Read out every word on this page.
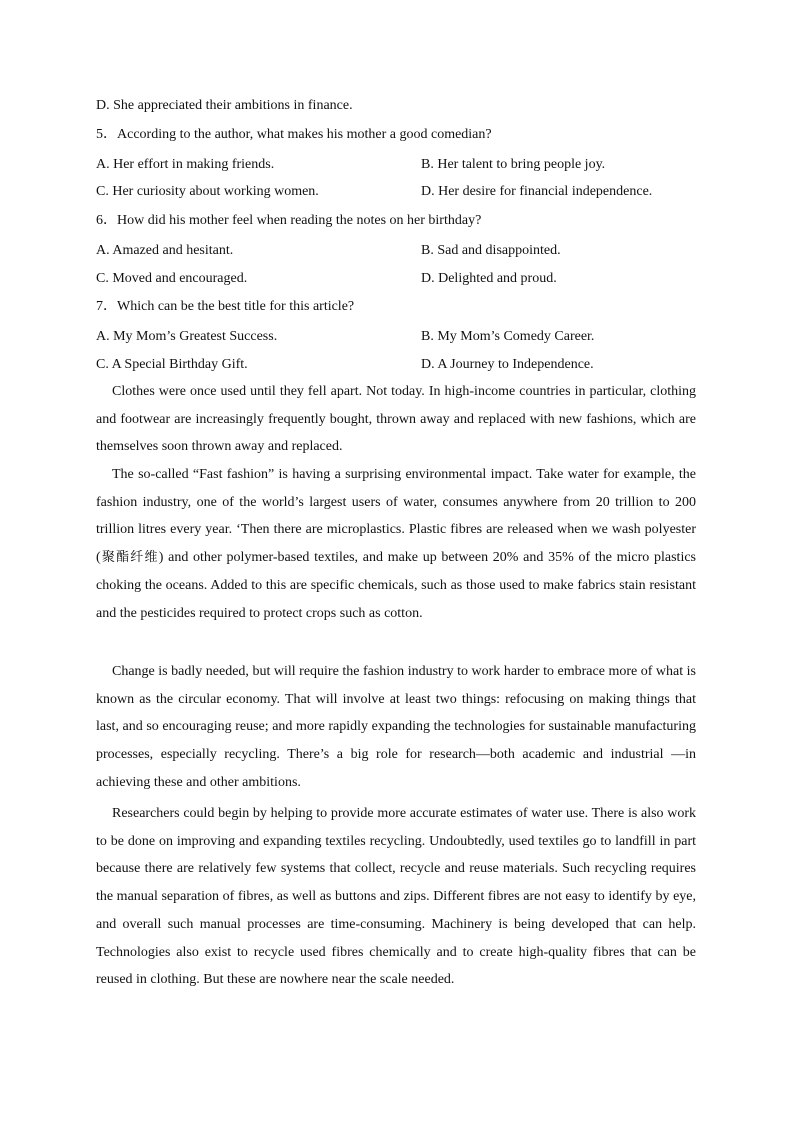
D. She appreciated their ambitions in finance.
5．According to the author, what makes his mother a good comedian?
A. Her effort in making friends.	B. Her talent to bring people joy.
C. Her curiosity about working women.	D. Her desire for financial independence.
6．How did his mother feel when reading the notes on her birthday?
A. Amazed and hesitant.	B. Sad and disappointed.
C. Moved and encouraged.	D. Delighted and proud.
7．Which can be the best title for this article?
A. My Mom’s Greatest Success.	B. My Mom’s Comedy Career.
C. A Special Birthday Gift.	D. A Journey to Independence.

Clothes were once used until they fell apart. Not today. In high-income countries in particular, clothing and footwear are increasingly frequently bought, thrown away and replaced with new fashions, which are themselves soon thrown away and replaced.

The so-called “Fast fashion” is having a surprising environmental impact. Take water for example, the fashion industry, one of the world’s largest users of water, consumes anywhere from 20 trillion to 200 trillion litres every year. ‘Then there are microplastics. Plastic fibres are released when we wash polyester (聚酯纤维) and other polymer-based textiles, and make up between 20% and 35% of the micro plastics choking the oceans. Added to this are specific chemicals, such as those used to make fabrics stain resistant and the pesticides required to protect crops such as cotton.

Change is badly needed, but will require the fashion industry to work harder to embrace more of what is known as the circular economy. That will involve at least two things: refocusing on making things that last, and so encouraging reuse; and more rapidly expanding the technologies for sustainable manufacturing processes, especially recycling. There’s a big role for research—both academic and industrial —in achieving these and other ambitions.

Researchers could begin by helping to provide more accurate estimates of water use. There is also work to be done on improving and expanding textiles recycling. Undoubtedly, used textiles go to landfill in part because there are relatively few systems that collect, recycle and reuse materials. Such recycling requires the manual separation of fibres, as well as buttons and zips. Different fibres are not easy to identify by eye, and overall such manual processes are time-consuming. Machinery is being developed that can help. Technologies also exist to recycle used fibres chemically and to create high-quality fibres that can be reused in clothing. But these are nowhere near the scale needed.
